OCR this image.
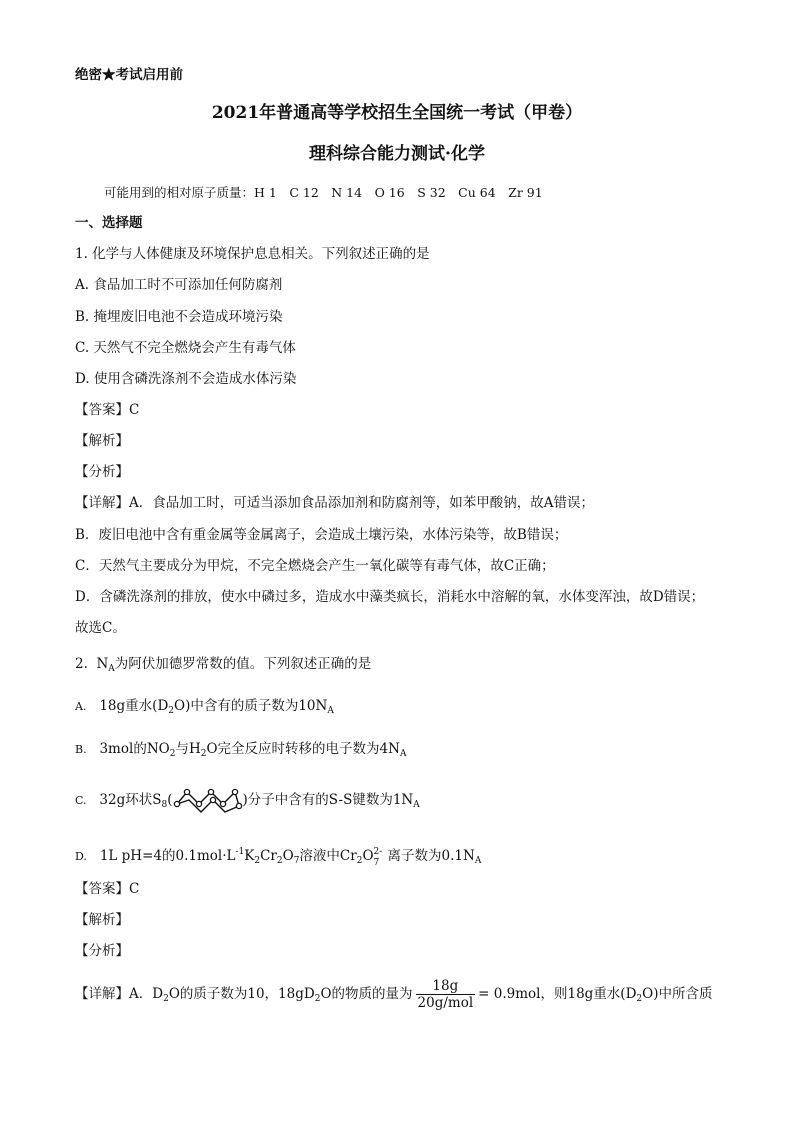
绝密★考试启用前
2021年普通高等学校招生全国统一考试（甲卷）
理科综合能力测试·化学
可能用到的相对原子质量：H 1　C 12　N 14　O 16　S 32　Cu 64　Zr 91
一、选择题
1. 化学与人体健康及环境保护息息相关。下列叙述正确的是
A. 食品加工时不可添加任何防腐剂
B. 掩埋废旧电池不会造成环境污染
C. 天然气不完全燃烧会产生有毒气体
D. 使用含磷洗涤剂不会造成水体污染
【答案】C
【解析】
【分析】
【详解】A．食品加工时，可适当添加食品添加剂和防腐剂等，如苯甲酸钠，故A错误；
B．废旧电池中含有重金属等金属离子，会造成土壤污染，水体污染等，故B错误；
C．天然气主要成分为甲烷，不完全燃烧会产生一氧化碳等有毒气体，故C正确；
D．含磷洗涤剂的排放，使水中磷过多，造成水中藻类疯长，消耗水中溶解的氧，水体变浑浊，故D错误；
故选C。
2. $N_A$为阿伏加德罗常数的值。下列叙述正确的是
A. 18g重水$(D_2O)$中含有的质子数为$10N_A$
B. 3mol的$NO_2$与$H_2O$完全反应时转移的电子数为$4N_A$
C. 32g环状$S_8$(	)分子中含有的S-S键数为$1N_A$
D. 1L pH=4的$0.1mol\cdot L^{-1}K_2Cr_2O_7$溶液中$Cr_2O$ 2-
7 离子数为$0.1N_A$
【答案】C
【解析】
【分析】
【详解】A．$D_2O$的质子数为10，$18gD_2O$的物质的量为 $\frac{18g}{\text{20g/mol}} = 0.9mol$，则18g重水$(D_2O)$中所含质
